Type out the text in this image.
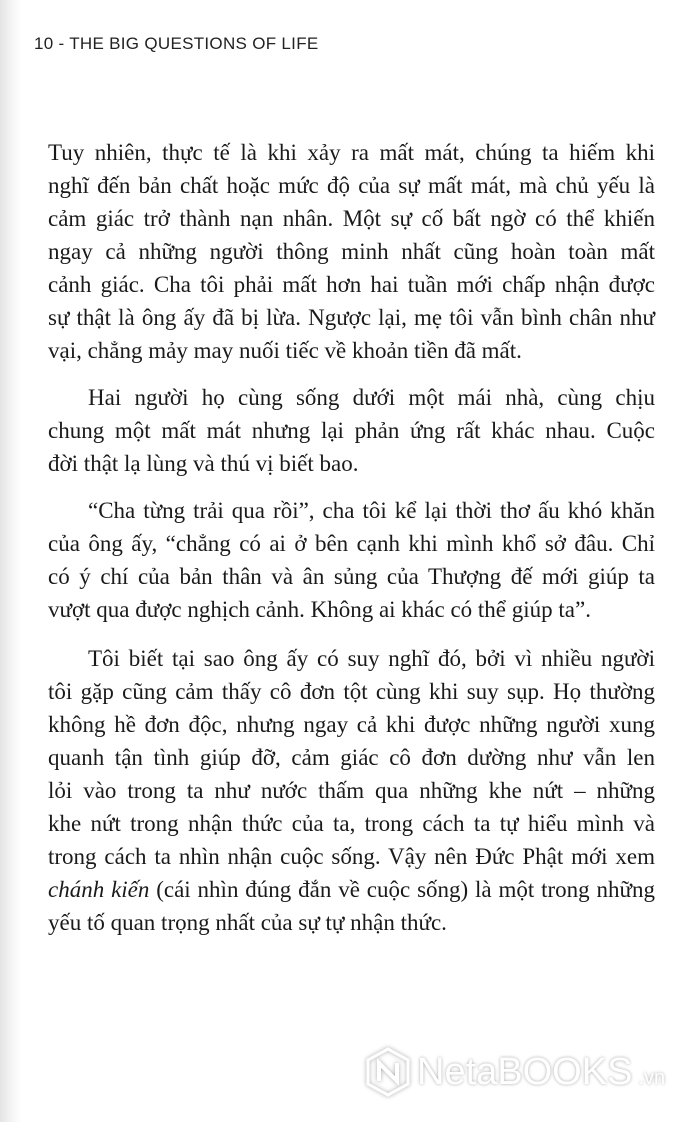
10 - THE BIG QUESTIONS OF LIFE
Tuy nhiên, thực tế là khi xảy ra mất mát, chúng ta hiếm khi
nghĩ đến bản chất hoặc mức độ của sự mất mát, mà chủ yếu là
cảm giác trở thành nạn nhân. Một sự cố bất ngờ có thể khiến
ngay cả những người thông minh nhất cũng hoàn toàn mất
cảnh giác. Cha tôi phải mất hơn hai tuần mới chấp nhận được
sự thật là ông ấy đã bị lừa. Ngược lại, mẹ tôi vẫn bình chân như
vại, chẳng mảy may nuối tiếc về khoản tiền đã mất.
Hai người họ cùng sống dưới một mái nhà, cùng chịu
chung một mất mát nhưng lại phản ứng rất khác nhau. Cuộc
đời thật lạ lùng và thú vị biết bao.
“Cha từng trải qua rồi”, cha tôi kể lại thời thơ ấu khó khăn
của ông ấy, “chẳng có ai ở bên cạnh khi mình khổ sở đâu. Chỉ
có ý chí của bản thân và ân sủng của Thượng đế mới giúp ta
vượt qua được nghịch cảnh. Không ai khác có thể giúp ta”.
Tôi biết tại sao ông ấy có suy nghĩ đó, bởi vì nhiều người
tôi gặp cũng cảm thấy cô đơn tột cùng khi suy sụp. Họ thường
không hề đơn độc, nhưng ngay cả khi được những người xung
quanh tận tình giúp đỡ, cảm giác cô đơn dường như vẫn len
lỏi vào trong ta như nước thấm qua những khe nứt – những
khe nứt trong nhận thức của ta, trong cách ta tự hiểu mình và
trong cách ta nhìn nhận cuộc sống. Vậy nên Đức Phật mới xem
chánh kiến (cái nhìn đúng đắn về cuộc sống) là một trong những
yếu tố quan trọng nhất của sự tự nhận thức.
NetaBOOKS .vn
